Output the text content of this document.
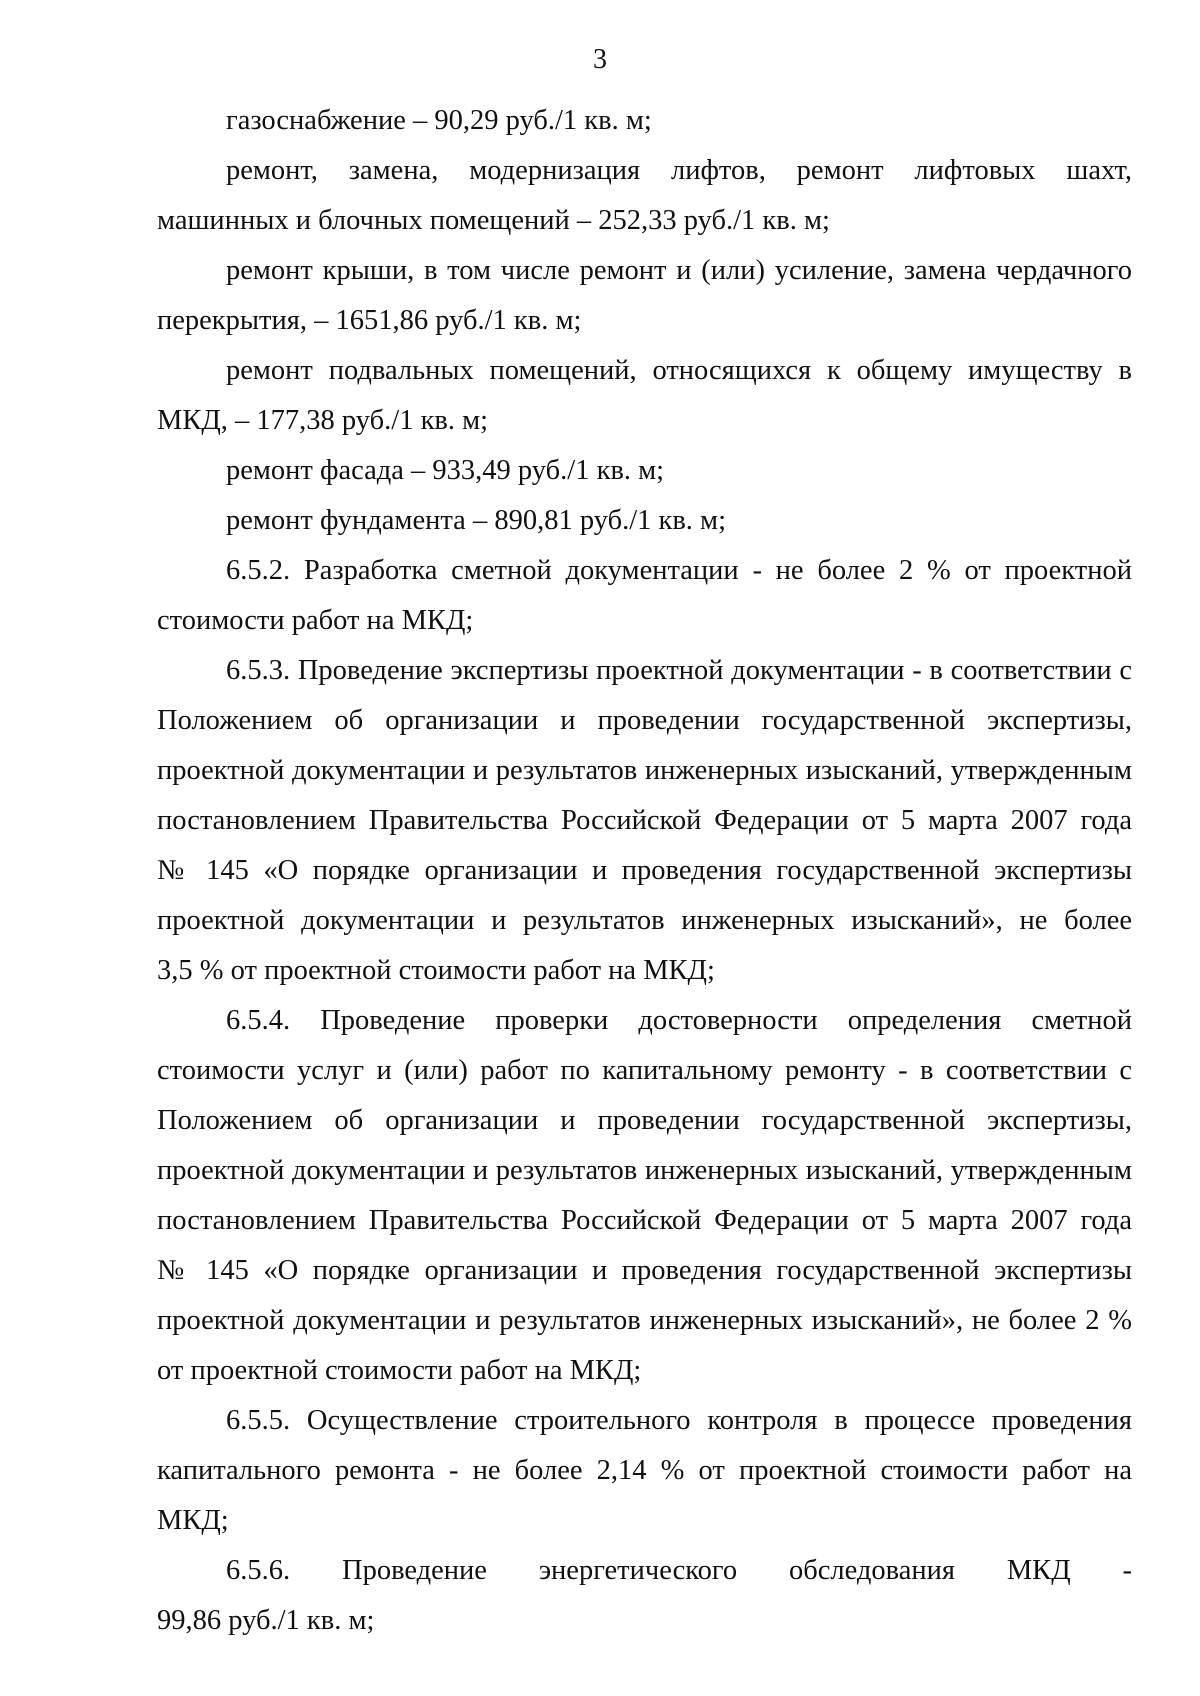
3
газоснабжение – 90,29 руб./1 кв. м;
ремонт, замена, модернизация лифтов, ремонт лифтовых шахт,
машинных и блочных помещений – 252,33 руб./1 кв. м;
ремонт крыши, в том числе ремонт и (или) усиление, замена чердачного
перекрытия, – 1651,86 руб./1 кв. м;
ремонт подвальных помещений, относящихся к общему имуществу в
МКД, – 177,38 руб./1 кв. м;
ремонт фасада – 933,49 руб./1 кв. м;
ремонт фундамента – 890,81 руб./1 кв. м;
6.5.2. Разработка сметной документации - не более 2 % от проектной
стоимости работ на МКД;
6.5.3. Проведение экспертизы проектной документации - в соответствии с
Положением об организации и проведении государственной экспертизы,
проектной документации и результатов инженерных изысканий, утвержденным
постановлением Правительства Российской Федерации от 5 марта 2007 года
№ 145 «О порядке организации и проведения государственной экспертизы
проектной документации и результатов инженерных изысканий», не более
3,5 % от проектной стоимости работ на МКД;
6.5.4. Проведение проверки достоверности определения сметной
стоимости услуг и (или) работ по капитальному ремонту - в соответствии с
Положением об организации и проведении государственной экспертизы,
проектной документации и результатов инженерных изысканий, утвержденным
постановлением Правительства Российской Федерации от 5 марта 2007 года
№ 145 «О порядке организации и проведения государственной экспертизы
проектной документации и результатов инженерных изысканий», не более 2 %
от проектной стоимости работ на МКД;
6.5.5. Осуществление строительного контроля в процессе проведения
капитального ремонта - не более 2,14 % от проектной стоимости работ на МКД;
6.5.6. Проведение энергетического обследования МКД -
99,86 руб./1 кв. м;
